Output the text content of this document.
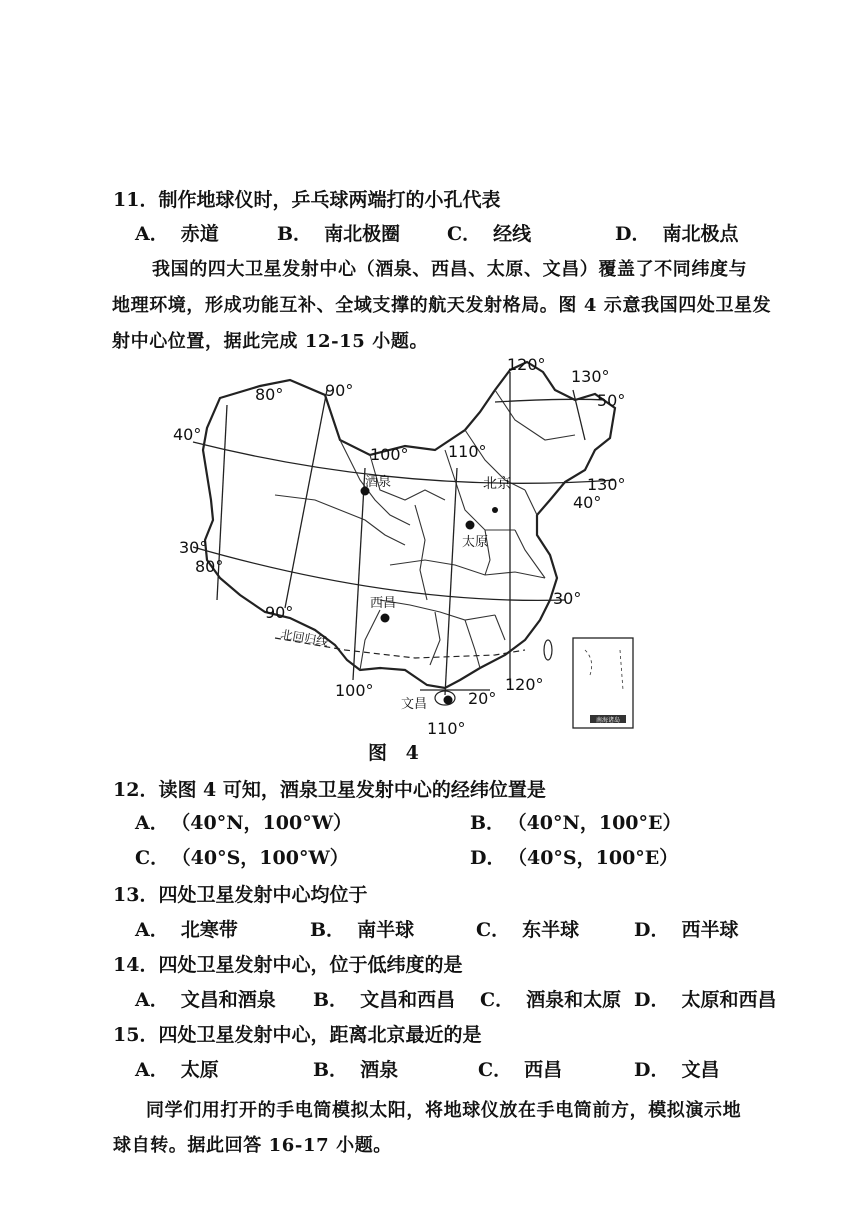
11．制作地球仪时，乒乓球两端打的小孔代表
A． 赤道	B． 南北极圈 C． 经线	D． 南北极点
我国的四大卫星发射中心（酒泉、西昌、太原、文昌）覆盖了不同纬度与
地理环境，形成功能互补、全域支撑的航天发射格局。图 4 示意我国四处卫星发
射中心位置，据此完成 12-15 小题。
南海诸岛
80°	90°
100° 110°
120°
130°
80°
90°
100°
110°
120°
130°
40°
30°
50°
40°
30°
20°
酒泉	北京
太原
西昌
文昌
北回归线
图 4
12．读图 4 可知，酒泉卫星发射中心的经纬位置是
A． （40°N，100°W）	B． （40°N，100°E）
C． （40°S，100°W）	D． （40°S，100°E）
13．四处卫星发射中心均位于
A． 北寒带	B． 南半球	C． 东半球	D． 西半球
14．四处卫星发射中心，位于低纬度的是
A． 文昌和酒泉 B． 文昌和西昌 C． 酒泉和太原 D． 太原和西昌
15．四处卫星发射中心，距离北京最近的是
A． 太原	B． 酒泉	C． 西昌	D． 文昌
同学们用打开的手电筒模拟太阳，将地球仪放在手电筒前方，模拟演示地
球自转。据此回答 16-17 小题。
